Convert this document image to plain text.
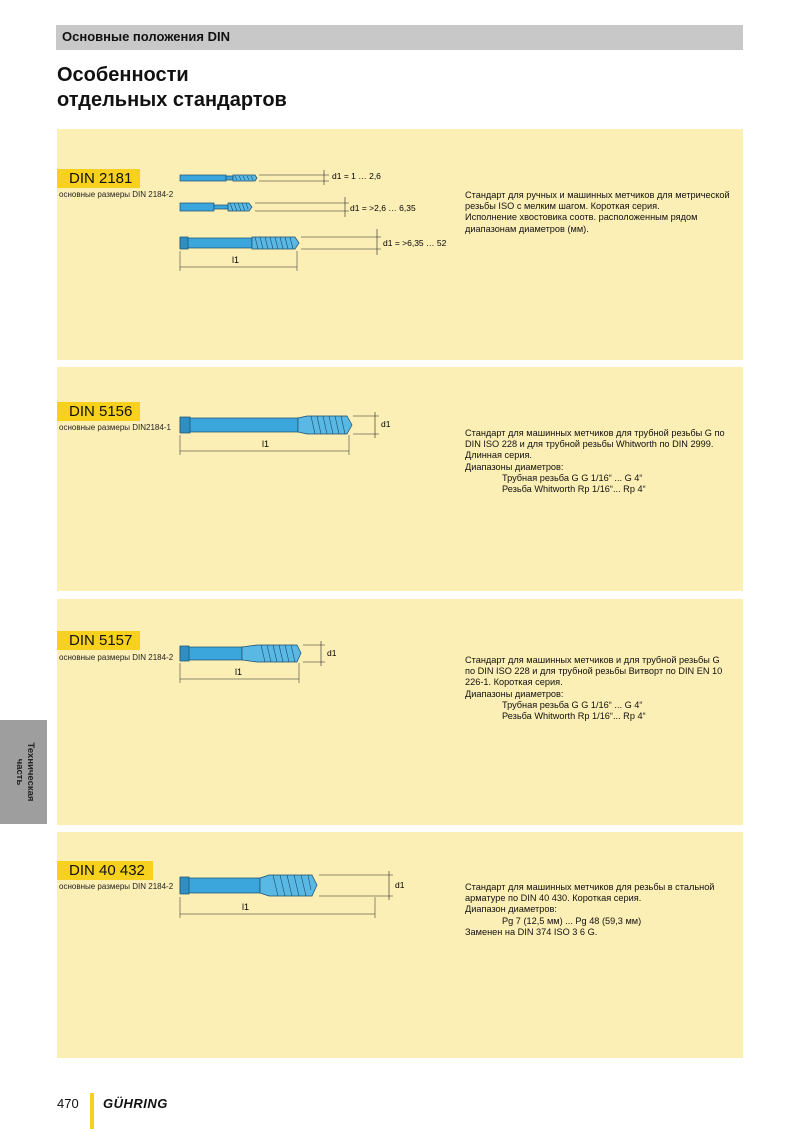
Основные положения DIN
Особенности
отдельных стандартов
DIN 2181
основные размеры DIN 2184-2
l1
d1 = 1 … 2,6
d1 = >2,6 … 6,35
d1 = >6,35 … 52

Стандарт для ручных и машинных метчиков для метрической

резьбы ISO с мелким шагом. Короткая серия.

Исполнение хвостовика соотв. расположенным рядом

диапазонам диаметров (мм).

DIN 5156
основные размеры DIN2184-1	d1
l1

Стандарт для машинных метчиков для трубной резьбы G по

DIN ISO 228 и для трубной резьбы Whitworth по DIN 2999.

Длинная серия.

Диапазоны диаметров:

Трубная резьба G G 1/16“ ... G 4“

Резьба Whitworth Rp 1/16“... Rp 4“

DIN 5157
основные размеры DIN 2184-2	d1
l1

Стандарт для машинных метчиков и для трубной резьбы G

по DIN ISO 228 и для трубной резьбы Витворт по DIN EN 10

226-1. Короткая серия.

Диапазоны диаметров:

Трубная резьба G G 1/16“ ... G 4“

Резьба Whitworth Rp 1/16“... Rp 4“

DIN 40 432
основные размеры DIN 2184-2	d1
l1

Стандарт для машинных метчиков для резьбы в стальной

арматуре по DIN 40 430. Короткая серия.

Диапазон диаметров:

Pg 7 (12,5 мм) ... Pg 48 (59,3 мм)

Заменен на DIN 374 ISO 3 6 G.

Техническая
часть
470 GÜHRING
